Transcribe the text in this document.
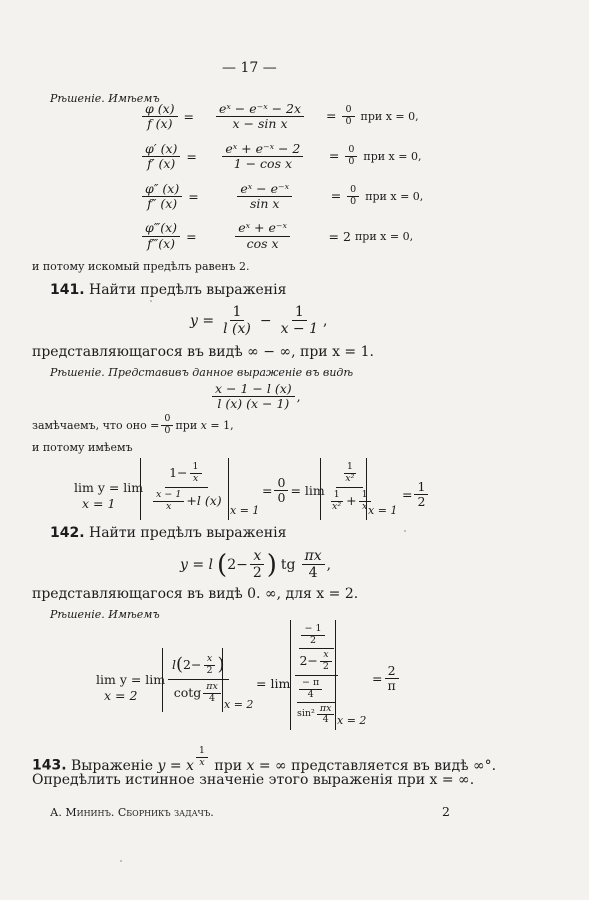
— 17 —
Рѣшеніе. Имѣемъ
$\frac{\varphi (x)}{f (x)} = \frac{\text{eˣ − e⁻ˣ − 2x}}{\text{x − sin x}} = \frac{0}{0}$ при x = 0,
$\frac{\varphi' (x)}{f' (x)} = \frac{\text{eˣ + e⁻ˣ − 2}}{\text{1 − cos x}} = \frac{0}{0}$ при x = 0,
$\frac{\varphi'' (x)}{f'' (x)} = \frac{\text{eˣ − e⁻ˣ}}{\text{sin x}} = \frac{0}{0}$ при x = 0,
$\frac{\varphi‴(x)}{f‴(x)} = \frac{\text{eˣ + e⁻ˣ}}{\text{cos x}} = 2$ при x = 0,
и потому искомый предѣлъ равенъ 2.
141. Найти предѣлъ выраженія
$y = \frac{1}{l (x)} - \frac{1}{x - 1}$ ,
представляющагося въ видѣ ∞ − ∞, при x = 1.
Рѣшеніе. Представивъ данное выраженіе въ видѣ
$\frac{x - 1 - l (x)}{l (x) (x - 1)}$ ,
замѣчаемъ, что оно = $\frac{0}{0}$ при x = 1,
и потому имѣемъ
lim y = lim
x = 1	$\frac{1- \frac{1}{x}}{\frac{x - 1}{x} + l (x)}$ x = 1
= $\frac{0}{0} = \lim \frac{\frac{1}{\text{x²}}}{\frac{1}{\text{x²}} + \frac{1}{x}}$
x = 1
= $\frac{1}{2}$
142. Найти предѣлъ выраженія
y = l ( $2- \frac{x}{2}$ ) tg $\frac{\pi x}{4}$ ,
представляющагося въ видѣ 0. ∞, для x = 2.
Рѣшеніе. Имѣемъ
lim y = lim
$x = 2 \frac{l ( 2- \frac{x}{2} )}{\cot g \frac{\pi x}{4}}$
x = 2
= $\lim \frac{- 1}{2}$
$2- \frac{x}{2}$
$\frac{- \pi}{4}$
$\sin^2 \frac{\pi x}{4}$
x = 2
= $\frac{2}{\pi}$
143. Выраженіе y = x $^{\frac{1}{x}}$ при x = ∞ представляется въ видѣ ∞°.
Опредѣлить истинное значеніе этого выраженія при x = ∞.
А. Мининъ. Сборникъ задачъ.	2
